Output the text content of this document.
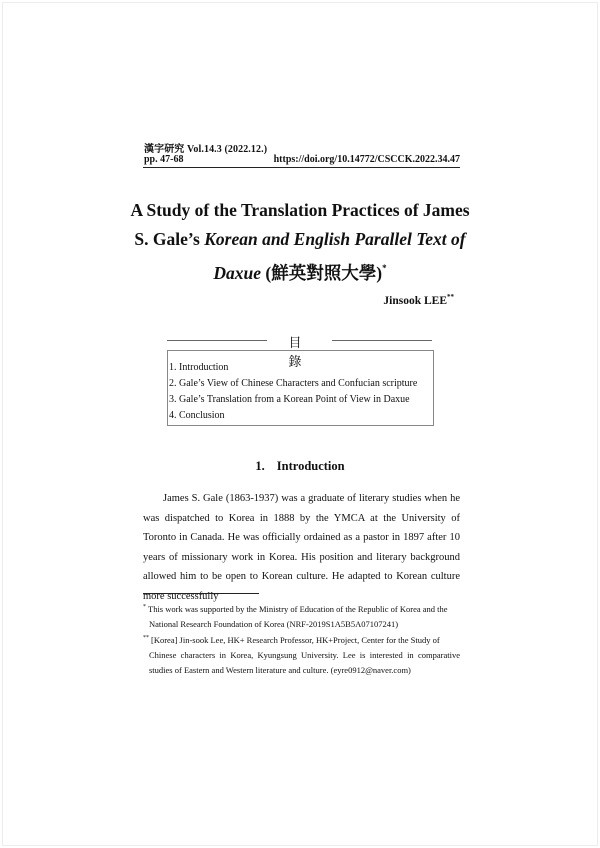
漢字研究 Vol.14.3 (2022.12.)
pp. 47-68	https://doi.org/10.14772/CSCCK.2022.34.47
A Study of the Translation Practices of James
S. Gale’s Korean and English Parallel Text of
Daxue (鮮英對照大學)*
Jinsook LEE**
目 錄
1. Introduction
2. Gale’s View of Chinese Characters and Confucian scripture
3. Gale’s Translation from a Korean Point of View in Daxue
4. Conclusion
1. Introduction

James S. Gale (1863-1937) was a graduate of literary studies when he was dispatched to Korea in 1888 by the YMCA at the University of Toronto in Canada. He was officially ordained as a pastor in 1897 after 10 years of missionary work in Korea. His position and literary background allowed him to be open to Korean culture. He adapted to Korean culture more successfully

* This work was supported by the Ministry of Education of the Republic of Korea and the
National Research Foundation of Korea (NRF-2019S1A5B5A07107241)
** [Korea] Jin-sook Lee, HK+ Research Professor, HK+Project, Center for the Study of
Chinese characters in Korea, Kyungsung University. Lee is interested in comparative studies of Eastern and Western literature and culture. (eyre0912@naver.com)
